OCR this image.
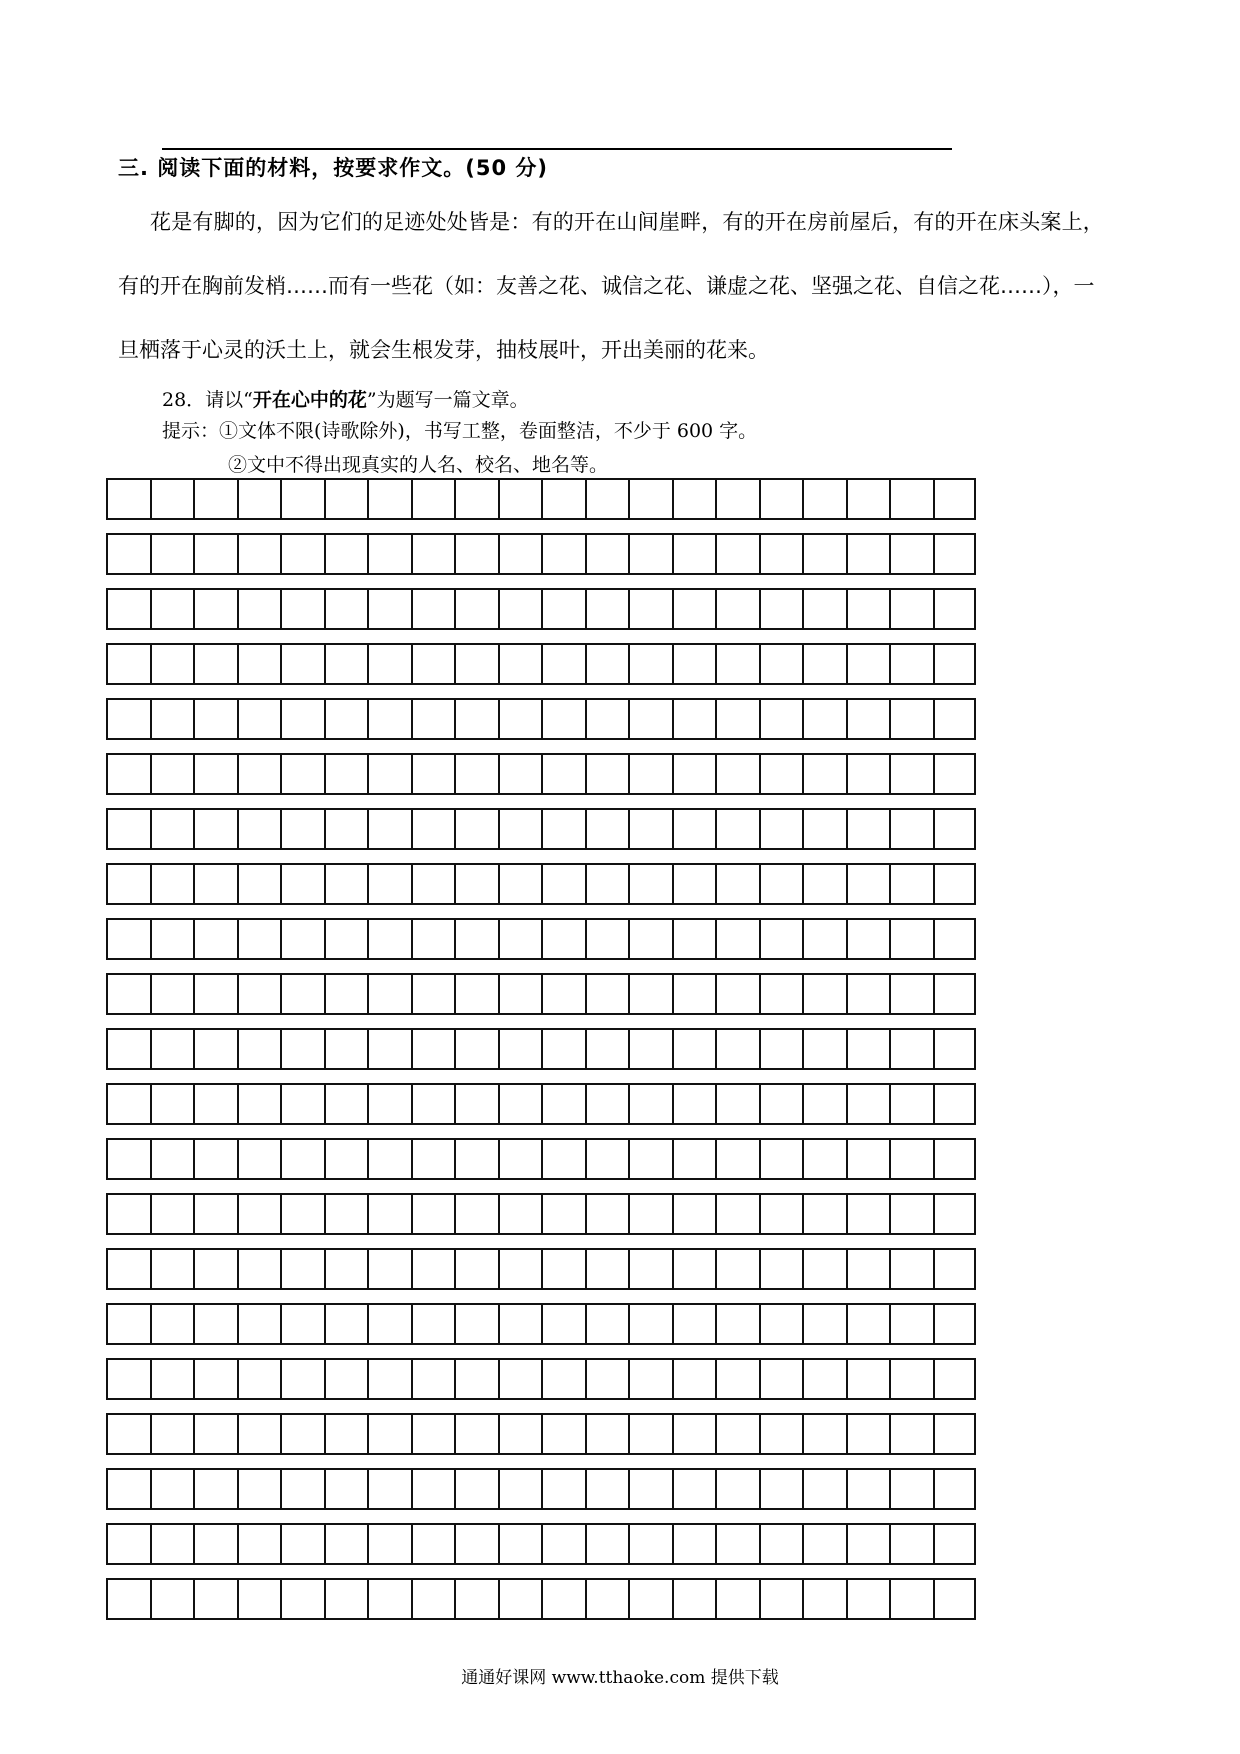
三. 阅读下面的材料，按要求作文。(50 分)
花是有脚的，因为它们的足迹处处皆是：有的开在山间崖畔，有的开在房前屋后，有的开在床头案上，
有的开在胸前发梢……而有一些花（如：友善之花、诚信之花、谦虚之花、坚强之花、自信之花……），一
旦栖落于心灵的沃土上，就会生根发芽，抽枝展叶，开出美丽的花来。
28．请以“开在心中的花”为题写一篇文章。
提示：①文体不限(诗歌除外)，书写工整，卷面整洁，不少于 600 字。
②文中不得出现真实的人名、校名、地名等。
通通好课网 www.tthaoke.com 提供下载
